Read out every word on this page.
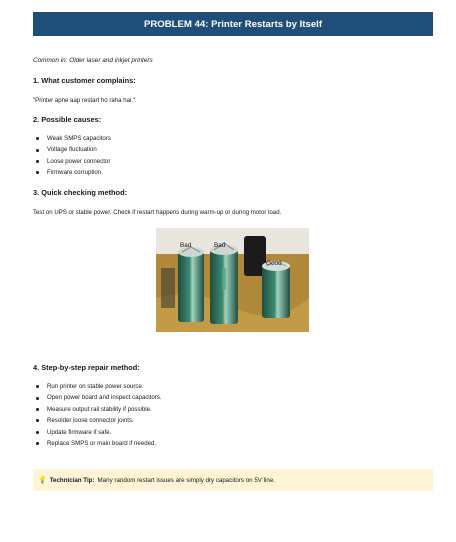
PROBLEM 44: Printer Restarts by Itself
Common in: Older laser and inkjet printers
1. What customer complains:
"Printer apne aap restart ho raha hai."
2. Possible causes:
Weak SMPS capacitors
Voltage fluctuation
Loose power connector
Firmware corruption
3. Quick checking method:
Test on UPS or stable power. Check if restart happens during warm-up or during motor load.
Bad	Bad
Good
4. Step-by-step repair method:
Run printer on stable power source.
Open power board and inspect capacitors.
Measure output rail stability if possible.
Resolder loose connector joints.
Update firmware if safe.
Replace SMPS or main board if needed.
💡 Technician Tip: Many random restart issues are simply dry capacitors on 5V line.
